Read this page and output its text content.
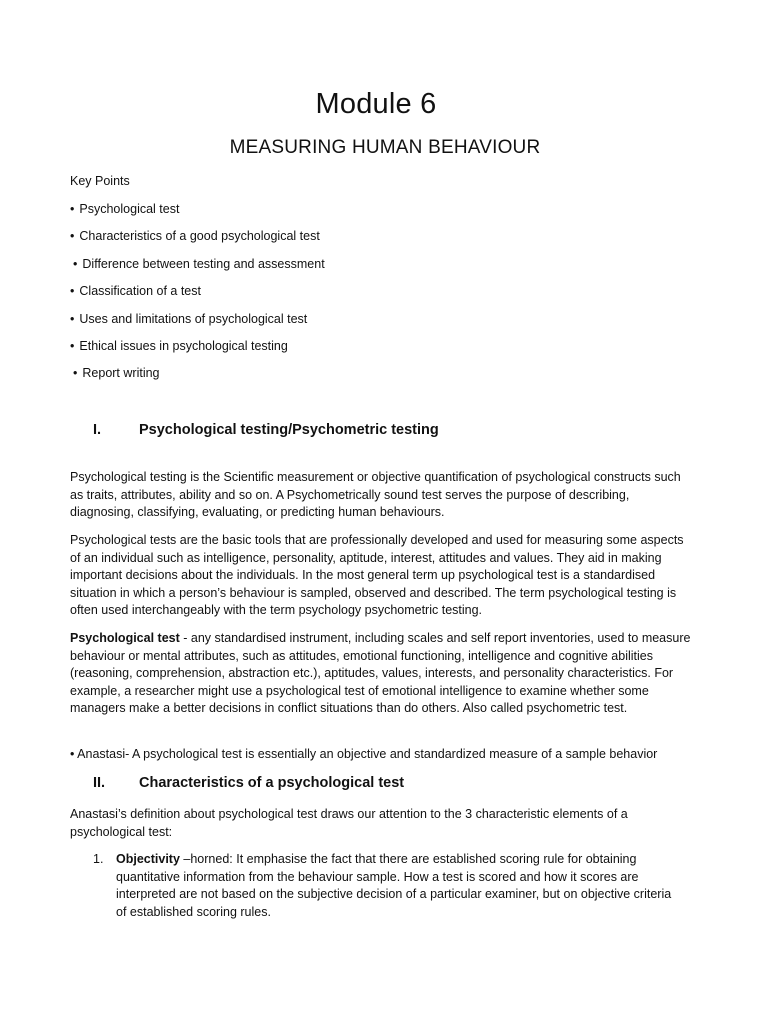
Module 6
MEASURING HUMAN BEHAVIOUR
Key Points
• Psychological test
• Characteristics of a good psychological test
• Difference between testing and assessment
• Classification of a test
• Uses and limitations of psychological test
• Ethical issues in psychological testing
• Report writing
I.	Psychological testing/Psychometric testing
Psychological testing is the Scientific measurement or objective quantification of psychological constructs such as traits, attributes, ability and so on. A Psychometrically sound test serves the purpose of describing, diagnosing, classifying, evaluating, or predicting human behaviours.
Psychological tests are the basic tools that are professionally developed and used for measuring some aspects of an individual such as intelligence, personality, aptitude, interest, attitudes and values. They aid in making important decisions about the individuals. In the most general term up psychological test is a standardised situation in which a person’s behaviour is sampled, observed and described. The term psychological testing is often used interchangeably with the term psychology psychometric testing.
Psychological test - any standardised instrument, including scales and self report inventories, used to measure behaviour or mental attributes, such as attitudes, emotional functioning, intelligence and cognitive abilities (reasoning, comprehension, abstraction etc.), aptitudes, values, interests, and personality characteristics. For example, a researcher might use a psychological test of emotional intelligence to examine whether some managers make a better decisions in conflict situations than do others. Also called psychometric test.
• Anastasi- A psychological test is essentially an objective and standardized measure of a sample behavior
II. Characteristics of a psychological test
Anastasi’s definition about psychological test draws our attention to the 3 characteristic elements of a psychological test:
1. Objectivity –horned: It emphasise the fact that there are established scoring rule for obtaining quantitative information from the behaviour sample. How a test is scored and how it scores are interpreted are not based on the subjective decision of a particular examiner, but on objective criteria of established scoring rules.
